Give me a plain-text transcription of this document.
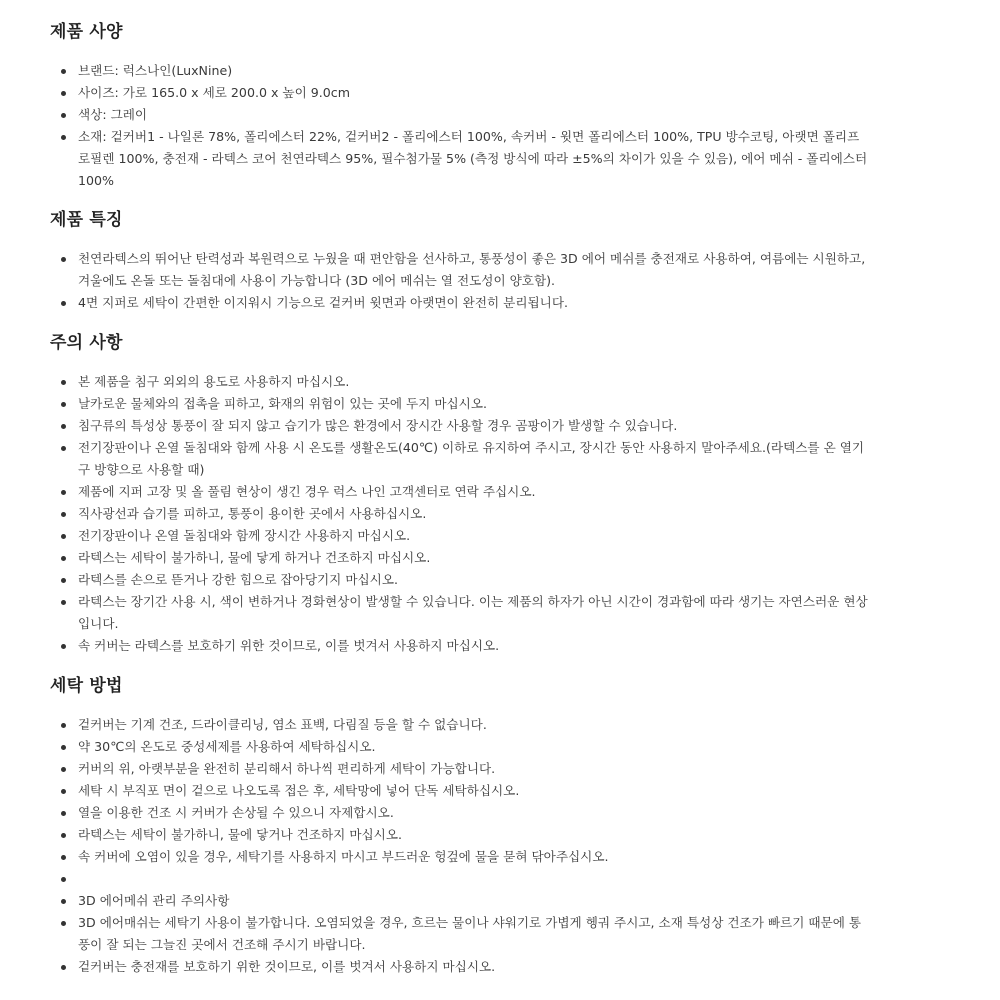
제품 사양
브랜드: 럭스나인(LuxNine)
사이즈: 가로 165.0 x 세로 200.0 x 높이 9.0cm
색상: 그레이
소재: 겉커버1 - 나일론 78%, 폴리에스터 22%, 겉커버2 - 폴리에스터 100%, 속커버 - 윗면 폴리에스터 100%, TPU 방수코팅, 아랫면 폴리프로필렌 100%, 충전재 - 라텍스 코어 천연라텍스 95%, 필수첨가물 5% (측정 방식에 따라 ±5%의 차이가 있을 수 있음), 에어 메쉬 - 폴리에스터 100%
제품 특징
천연라텍스의 뛰어난 탄력성과 복원력으로 누웠을 때 편안함을 선사하고, 통풍성이 좋은 3D 에어 메쉬를 충전재로 사용하여, 여름에는 시원하고, 겨울에도 온돌 또는 돌침대에 사용이 가능합니다 (3D 에어 메쉬는 열 전도성이 양호함).
4면 지퍼로 세탁이 간편한 이지워시 기능으로 겉커버 윗면과 아랫면이 완전히 분리됩니다.
주의 사항
본 제품을 침구 외외의 용도로 사용하지 마십시오.
날카로운 물체와의 접촉을 피하고, 화재의 위험이 있는 곳에 두지 마십시오.
침구류의 특성상 통풍이 잘 되지 않고 습기가 많은 환경에서 장시간 사용할 경우 곰팡이가 발생할 수 있습니다.
전기장판이나 온열 돌침대와 함께 사용 시 온도를 생활온도(40℃) 이하로 유지하여 주시고, 장시간 동안 사용하지 말아주세요.(라텍스를 온 열기구 방향으로 사용할 때)
제품에 지퍼 고장 및 올 풀림 현상이 생긴 경우 럭스 나인 고객센터로 연락 주십시오.
직사광선과 습기를 피하고, 통풍이 용이한 곳에서 사용하십시오.
전기장판이나 온열 돌침대와 함께 장시간 사용하지 마십시오.
라텍스는 세탁이 불가하니, 물에 닿게 하거나 건조하지 마십시오.
라텍스를 손으로 뜯거나 강한 힘으로 잡아당기지 마십시오.
라텍스는 장기간 사용 시, 색이 변하거나 경화현상이 발생할 수 있습니다. 이는 제품의 하자가 아닌 시간이 경과함에 따라 생기는 자연스러운 현상입니다.
속 커버는 라텍스를 보호하기 위한 것이므로, 이를 벗겨서 사용하지 마십시오.
세탁 방법
겉커버는 기계 건조, 드라이클리닝, 염소 표백, 다림질 등을 할 수 없습니다.
약 30℃의 온도로 중성세제를 사용하여 세탁하십시오.
커버의 위, 아랫부분을 완전히 분리해서 하나씩 편리하게 세탁이 가능합니다.
세탁 시 부직포 면이 겉으로 나오도록 접은 후, 세탁망에 넣어 단독 세탁하십시오.
열을 이용한 건조 시 커버가 손상될 수 있으니 자제합시오.
라텍스는 세탁이 불가하니, 물에 닿거나 건조하지 마십시오.
속 커버에 오염이 있을 경우, 세탁기를 사용하지 마시고 부드러운 헝겊에 물을 묻혀 닦아주십시오.
3D 에어메쉬 관리 주의사항
3D 에어매쉬는 세탁기 사용이 불가합니다. 오염되었을 경우, 흐르는 물이나 샤워기로 가볍게 헹궈 주시고, 소재 특성상 건조가 빠르기 때문에 통풍이 잘 되는 그늘진 곳에서 건조해 주시기 바랍니다.
겉커버는 충전재를 보호하기 위한 것이므로, 이를 벗겨서 사용하지 마십시오.
